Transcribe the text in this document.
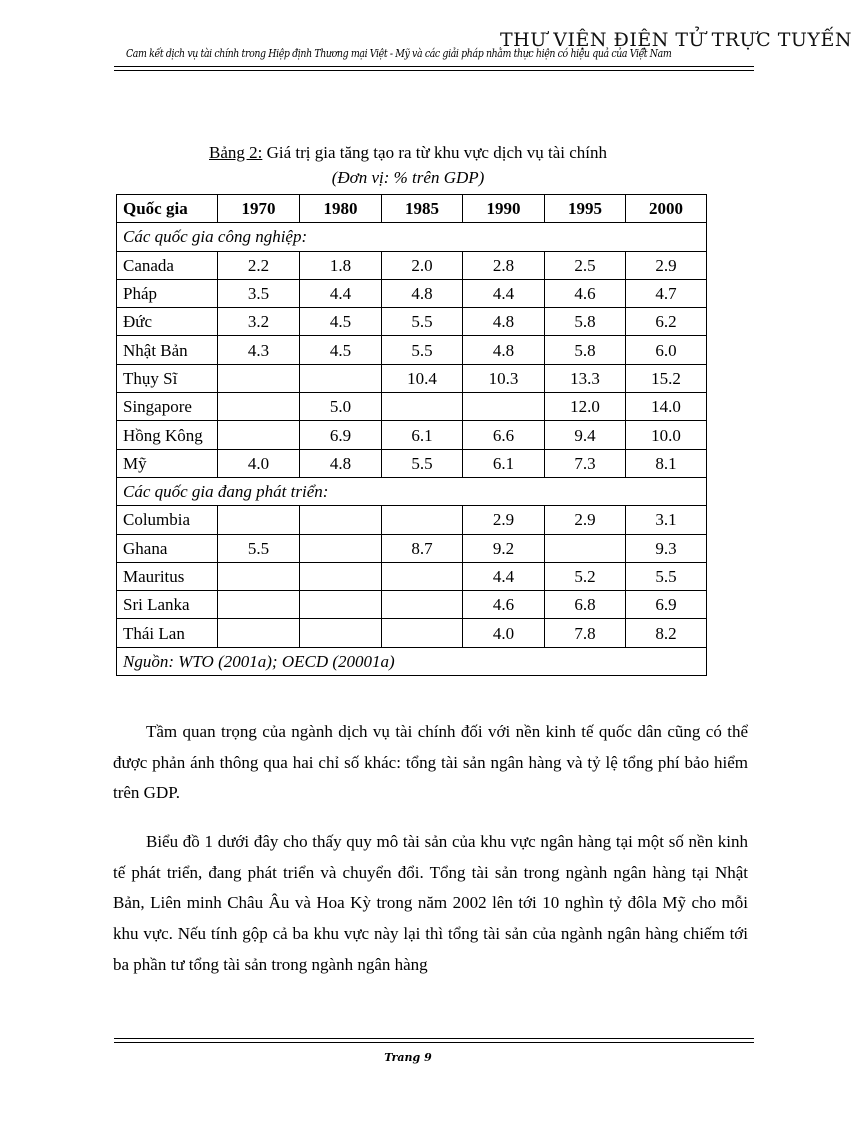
THƯ VIỆN ĐIỆN TỬ TRỰC TUYẾN
Cam kết dịch vụ tài chính trong Hiệp định Thương mại Việt - Mỹ và các giải pháp nhằm thực hiện có hiệu quả của Việt Nam
Bảng 2: Giá trị gia tăng tạo ra từ khu vực dịch vụ tài chính
(Đơn vị: % trên GDP)
Quốc gia	1970	1980	1985	1990	1995	2000
Các quốc gia công nghiệp:						
Canada	2.2	1.8	2.0	2.8	2.5	2.9
Pháp	3.5	4.4	4.8	4.4	4.6	4.7
Đức	3.2	4.5	5.5	4.8	5.8	6.2
Nhật Bản	4.3	4.5	5.5	4.8	5.8	6.0
Thụy Sĩ			10.4	10.3	13.3	15.2
Singapore		5.0			12.0	14.0
Hồng Kông		6.9	6.1	6.6	9.4	10.0
Mỹ	4.0	4.8	5.5	6.1	7.3	8.1
Các quốc gia đang phát triển:						
Columbia				2.9	2.9	3.1
Ghana	5.5		8.7	9.2		9.3
Mauritus				4.4	5.2	5.5
Sri Lanka				4.6	6.8	6.9
Thái Lan				4.0	7.8	8.2
Nguồn: WTO (2001a); OECD (20001a)						

Tầm quan trọng của ngành dịch vụ tài chính đối với nền kinh tế quốc dân cũng có thể được phản ánh thông qua hai chỉ số khác: tổng tài sản ngân hàng và tỷ lệ tổng phí bảo hiểm trên GDP.

Biểu đồ 1 dưới đây cho thấy quy mô tài sản của khu vực ngân hàng tại một số nền kinh tế phát triển, đang phát triển và chuyển đổi. Tổng tài sản trong ngành ngân hàng tại Nhật Bản, Liên minh Châu Âu và Hoa Kỳ trong năm 2002 lên tới 10 nghìn tỷ đôla Mỹ cho mỗi khu vực. Nếu tính gộp cả ba khu vực này lại thì tổng tài sản của ngành ngân hàng chiếm tới ba phần tư tổng tài sản trong ngành ngân hàng

Trang 9
